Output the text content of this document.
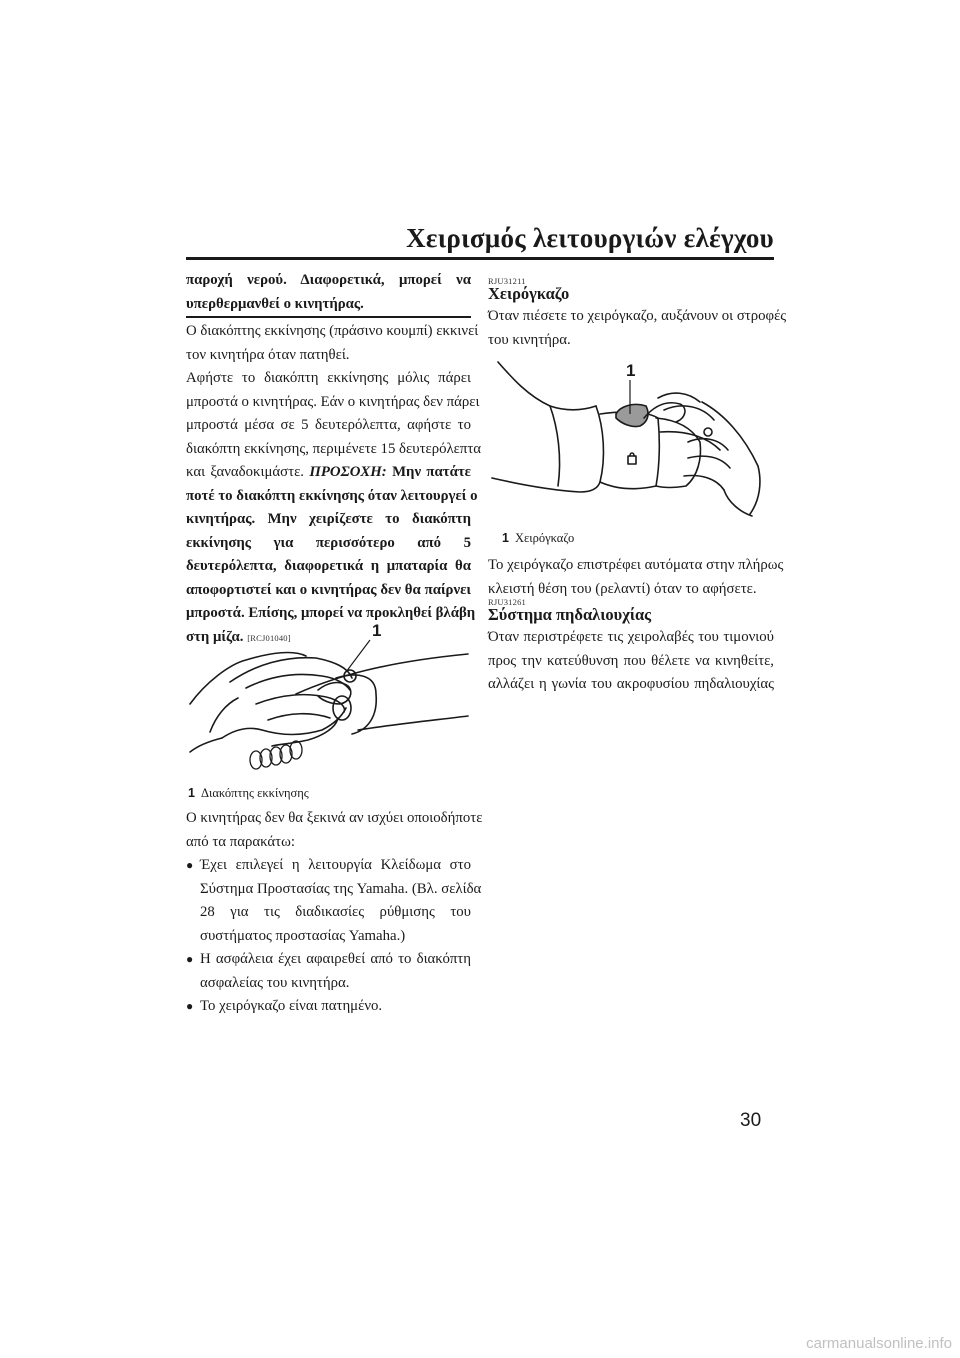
Χειρισμός λειτουργιών ελέγχου
παροχή νερού. Διαφορετικά, μπορεί να
υπερθερμανθεί ο κινητήρας.
Ο διακόπτης εκκίνησης (πράσινο κουμπί) εκκινεί
τον κινητήρα όταν πατηθεί.
Αφήστε το διακόπτη εκκίνησης μόλις πάρει
μπροστά ο κινητήρας. Εάν ο κινητήρας δεν πάρει
μπροστά μέσα σε 5 δευτερόλεπτα, αφήστε το
διακόπτη εκκίνησης, περιμένετε 15 δευτερόλεπτα
και ξαναδοκιμάστε. ΠΡΟΣΟΧΗ: Μην πατάτε
ποτέ το διακόπτη εκκίνησης όταν λειτουργεί ο
κινητήρας. Μην χειρίζεστε το διακόπτη
εκκίνησης για περισσότερο από 5
δευτερόλεπτα, διαφορετικά η μπαταρία θα
αποφορτιστεί και ο κινητήρας δεν θα παίρνει
μπροστά. Επίσης, μπορεί να προκληθεί βλάβη
στη μίζα. [RCJ01040]	1
1 Διακόπτης εκκίνησης
Ο κινητήρας δεν θα ξεκινά αν ισχύει οποιοδήποτε
από τα παρακάτω:
● Έχει επιλεγεί η λειτουργία Κλείδωμα στο
Σύστημα Προστασίας της Yamaha. (Βλ. σελίδα
28 για τις διαδικασίες ρύθμισης του
συστήματος προστασίας Yamaha.)
● Η ασφάλεια έχει αφαιρεθεί από το διακόπτη
ασφαλείας του κινητήρα.
● Το χειρόγκαζο είναι πατημένο.
RJU31211
Χειρόγκαζο
Όταν πιέσετε το χειρόγκαζο, αυξάνουν οι στροφές
του κινητήρα.
1
1 Χειρόγκαζο
Το χειρόγκαζο επιστρέφει αυτόματα στην πλήρως
κλειστή θέση του (ρελαντί) όταν το αφήσετε.
RJU31261
Σύστημα πηδαλιουχίας
Όταν περιστρέφετε τις χειρολαβές του τιμονιού
προς την κατεύθυνση που θέλετε να κινηθείτε,
αλλάζει η γωνία του ακροφυσίου πηδαλιουχίας
30
carmanualsonline.info
